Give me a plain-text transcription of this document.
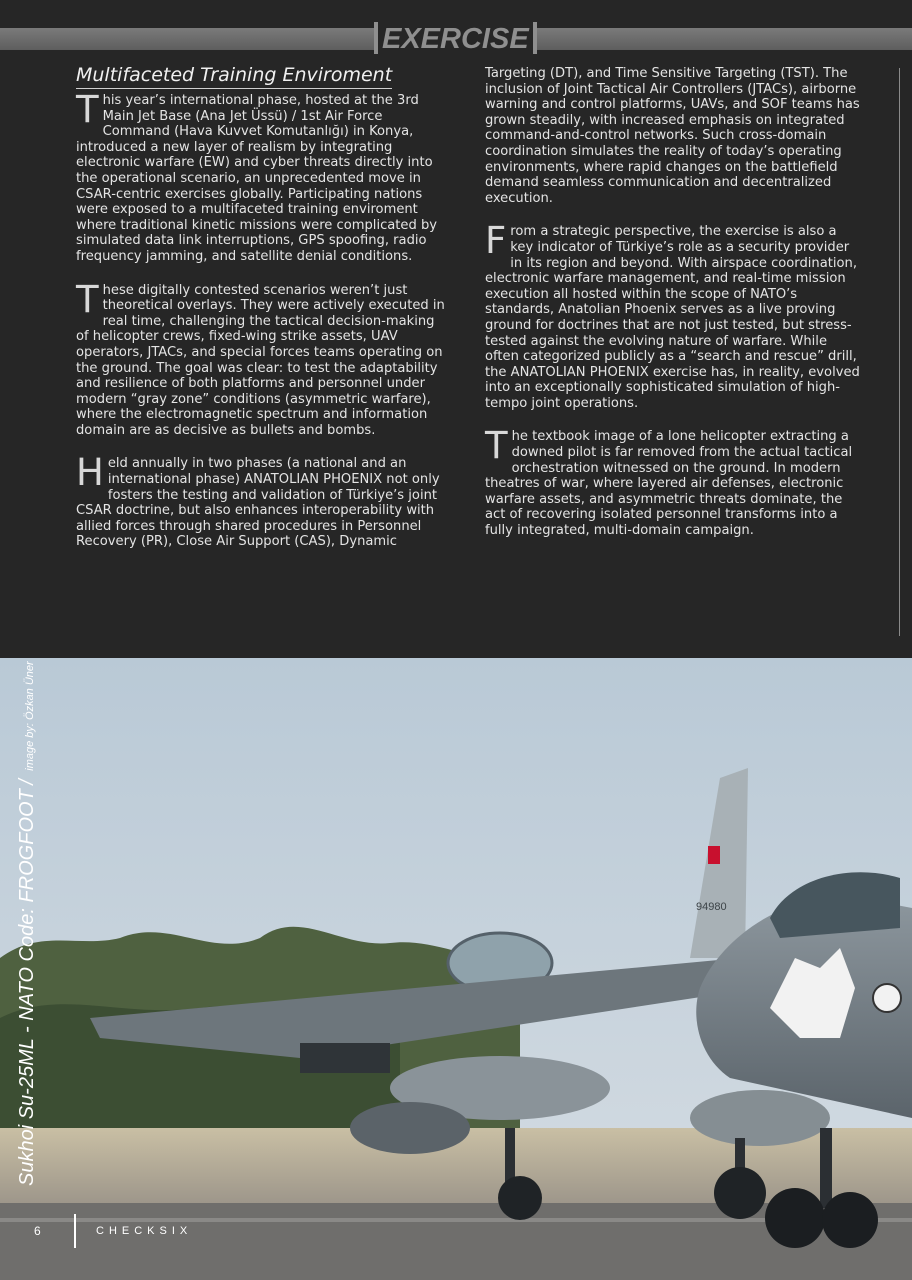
EXERCISE
Multifaceted Training Enviroment

This year’s international phase, hosted at the 3rd Main Jet Base (Ana Jet Üssü) / 1st Air Force Command (Hava Kuvvet Komutanlığı) in Konya, introduced a new layer of realism by integrating electronic warfare (EW) and cyber threats directly into the operational scenario, an unprecedented move in CSAR-centric exercises globally. Participating nations were exposed to a multifaceted training enviroment where traditional kinetic missions were complicated by simulated data link interruptions, GPS spoofing, radio frequency jamming, and satellite denial conditions.

These digitally contested scenarios weren’t just theoretical overlays. They were actively executed in real time, challenging the tactical decision-making of helicopter crews, fixed-wing strike assets, UAV operators, JTACs, and special forces teams operating on the ground. The goal was clear: to test the adaptability and resilience of both platforms and personnel under modern “gray zone” conditions (asymmetric warfare), where the electromagnetic spectrum and information domain are as decisive as bullets and bombs.

Held annually in two phases (a national and an international phase) ANATOLIAN PHOENIX not only fosters the testing and validation of Türkiye’s joint CSAR doctrine, but also enhances interoperability with allied forces through shared procedures in Personnel Recovery (PR), Close Air Support (CAS), Dynamic

Targeting (DT), and Time Sensitive Targeting (TST). The inclusion of Joint Tactical Air Controllers (JTACs), airborne warning and control platforms, UAVs, and SOF teams has grown steadily, with increased emphasis on integrated command-and-control networks. Such cross-domain coordination simulates the reality of today’s operating environments, where rapid changes on the battlefield demand seamless communication and decentralized execution.

From a strategic perspective, the exercise is also a key indicator of Türkiye’s role as a security provider in its region and beyond. With airspace coordination, electronic warfare management, and real-time mission execution all hosted within the scope of NATO’s standards, Anatolian Phoenix serves as a live proving ground for doctrines that are not just tested, but stress-tested against the evolving nature of warfare. While often categorized publicly as a “search and rescue” drill, the ANATOLIAN PHOENIX exercise has, in reality, evolved into an exceptionally sophisticated simulation of high-tempo joint operations.

The textbook image of a lone helicopter extracting a downed pilot is far removed from the actual tactical orchestration witnessed on the ground. In modern theatres of war, where layered air defenses, electronic warfare assets, and asymmetric threats dominate, the act of recovering isolated personnel transforms into a fully integrated, multi-domain campaign.

94980
Sukhoi Su-25ML - NATO Code: FROGFOOT / image by: Özkan Üner
6	CHECKSIX
